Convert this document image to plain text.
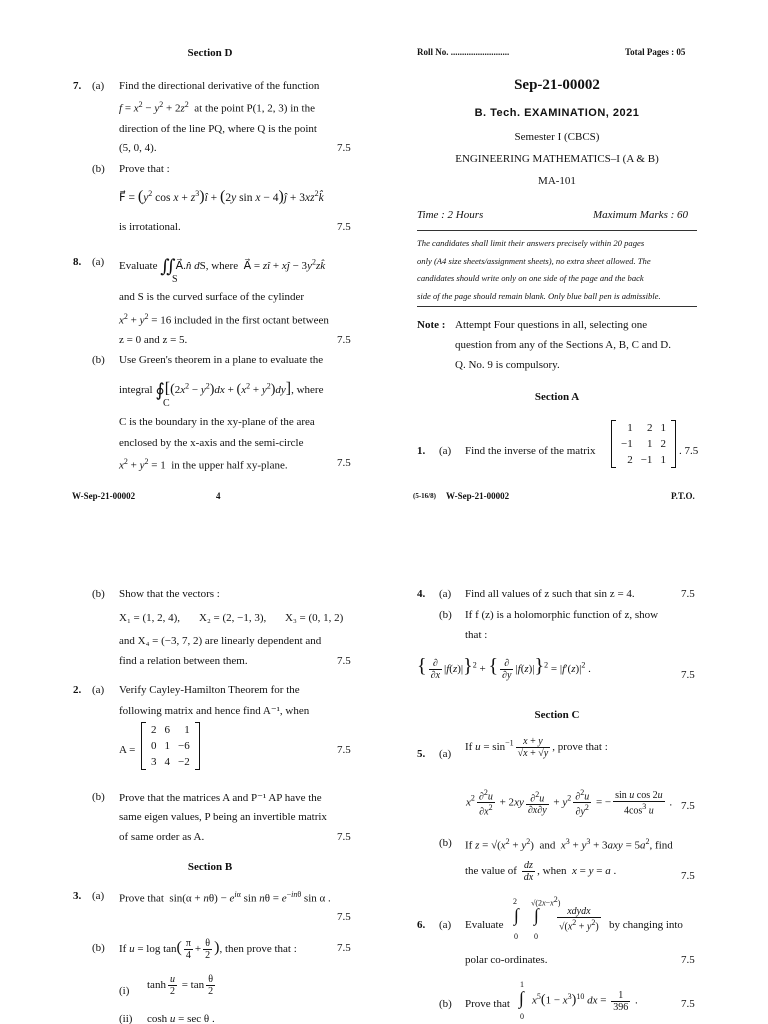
Section D
7. (a) Find the directional derivative of the function
$f = x^2 - y^2 + 2z^2$ at the point P(1, 2, 3) in the
direction of the line PQ, where Q is the point
(5, 0, 4).	7.5
(b) Prove that :
F⃗ = ($y^2$ $\cos x + z^3)î + (2y$ sin x − 4)ĵ + $3xz^2k̂$
is irrotational.	7.5
8. (a) Evaluate ∬A⃗.n̂ dS, where  A⃗ = zî + xĵ − $3y^2zk̂$
S
and S is the curved surface of the cylinder
$x^2 + y^2 = 16$ included in the first octant between
z = 0 and z = 5.	7.5
(b) Use Green's theorem in a plane to evaluate the
integral $∮[(2x^2 - y^2)dx + (x^2 + y^2)dy]$, where
C
C is the boundary in the xy-plane of the area
enclosed by the x-axis and the semi-circle
$x^2 + y^2 = 1$  in the upper half xy-plane.	7.5
W-Sep-21-00002	4
Roll No. ..........................	Total Pages : 05
Sep-21-00002
B. Tech. EXAMINATION, 2021
Semester I (CBCS)
ENGINEERING MATHEMATICS–I (A & B)
MA-101
Time : 2 Hours	Maximum Marks : 60
The candidates shall limit their answers precisely within 20 pages
only (A4 size sheets/assignment sheets), no extra sheet allowed. The
candidates should write only on one side of the page and the back
side of the page should remain blank. Only blue ball pen is admissible.
Note : Attempt Four questions in all, selecting one
question from any of the Sections A, B, C and D.
Q. No. 9 is compulsory.
Section A
1. (a) Find the inverse of the matrix
1	2	1
−1	1	2
2	−1	1
. 7.5
(5-16/8) W-Sep-21-00002	P.T.O.
(b) Show that the vectors :
X₁ = (1, 2, 4), X₂ = (2, −1, 3), X₃ = (0, 1, 2)
and X₄ = (−3, 7, 2) are linearly dependent and
find a relation between them.	7.5
2. (a) Verify Cayley-Hamilton Theorem for the
following matrix and hence find A⁻¹, when
A =
2	6	1
0	1	−6
3	4	−2
7.5
(b) Prove that the matrices A and P⁻¹ AP have the
same eigen values, P being an invertible matrix
of same order as A.	7.5
Section B
3. (a) Prove that  $\sin(\alpha + n\theta) - e^{i\alpha}$ $\sin n\theta = e^{-in\theta}$ sin α .
7.5
(b) If $u = \log \tan( \frac{\pi}{4} + \frac{\theta}{2}$ ), then prove that :	7.5
(i) $\tanh \frac{u}{2} = \tan \frac{\theta}{2}$
(ii) cosh u = sec θ .
4. (a) Find all values of z such that sin z = 4.	7.5
(b) If f (z) is a holomorphic function of z, show
that :
{ $\frac{\partial}{\partial x} |f(z)|\}^2$ + { $\frac{\partial}{\partial y} |f(z)|\}^2 = |f'(z)|^2$ .	7.5
Section C
5. (a)
If $u = \sin^{-1} \frac{x + y}{√x + √y}$ , prove that :
$x^2 \frac{\partial^2u}{\partial x^2} + 2xy \frac{\partial^2u}{\partial x\partial y} + y^2 \frac{\partial^2u}{\partial y^2}$ = − $\frac{\text{sin u cos 2u}}{4\cos^3 u}$ . 7.5
(b) If $z = √(x^2 + y^2)$  and $x^3 + y^3 + 3axy = 5a^2$, find
the value of $\frac{dz}{dx}$ , when x = y = a .	7.5
6. (a) Evaluate
2
∫
0
$√(2x-x^2)$
∫
0
$\frac{\text{xdydx}}{√(x^2 + y^2)}$ by changing into
polar co-ordinates.	7.5
(b) Prove that
1
∫
0
$x^5(1 - x^3)^{10}$ dx = $\frac{1}{396}$ .	7.5
